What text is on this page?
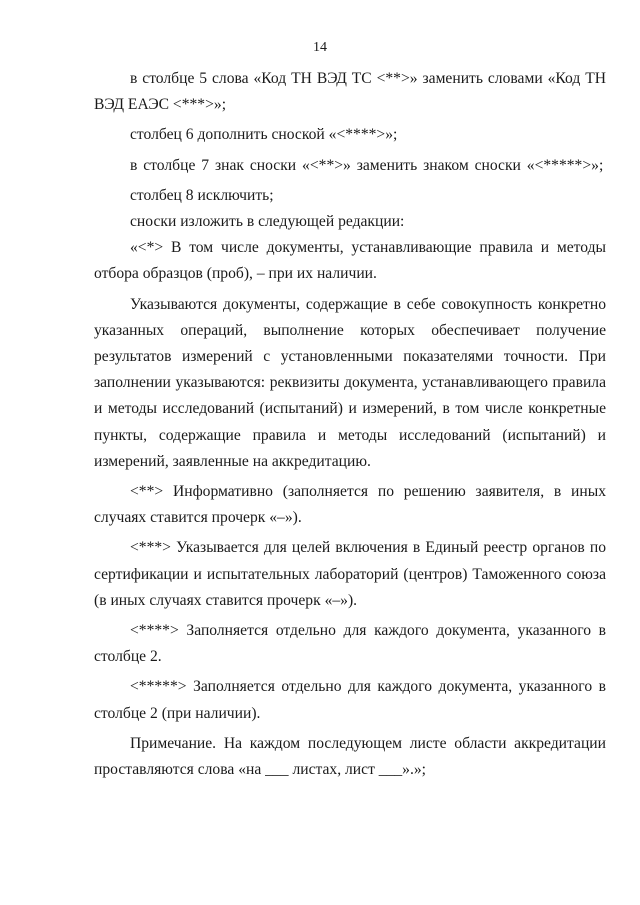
14

в столбце 5 слова «Код ТН ВЭД ТС <**>» заменить словами «Код ТН ВЭД ЕАЭС <***>»;

столбец 6 дополнить сноской «<****>»;

в столбце 7 знак сноски «<**>» заменить знаком сноски «<*****>»;

столбец 8 исключить;

сноски изложить в следующей редакции:

«<*> В том числе документы, устанавливающие правила и методы отбора образцов (проб), – при их наличии.

Указываются документы, содержащие в себе совокупность конкретно указанных операций, выполнение которых обеспечивает получение результатов измерений с установленными показателями точности. При заполнении указываются: реквизиты документа, устанавливающего правила и методы исследований (испытаний) и измерений, в том числе конкретные пункты, содержащие правила и методы исследований (испытаний) и измерений, заявленные на аккредитацию.

<**> Информативно (заполняется по решению заявителя, в иных случаях ставится прочерк «–»).

<***> Указывается для целей включения в Единый реестр органов по сертификации и испытательных лабораторий (центров) Таможенного союза (в иных случаях ставится прочерк «–»).

<****> Заполняется отдельно для каждого документа, указанного в столбце 2.

<*****> Заполняется отдельно для каждого документа, указанного в столбце 2 (при наличии).

Примечание. На каждом последующем листе области аккредитации проставляются слова «на ___ листах, лист ___».»;
